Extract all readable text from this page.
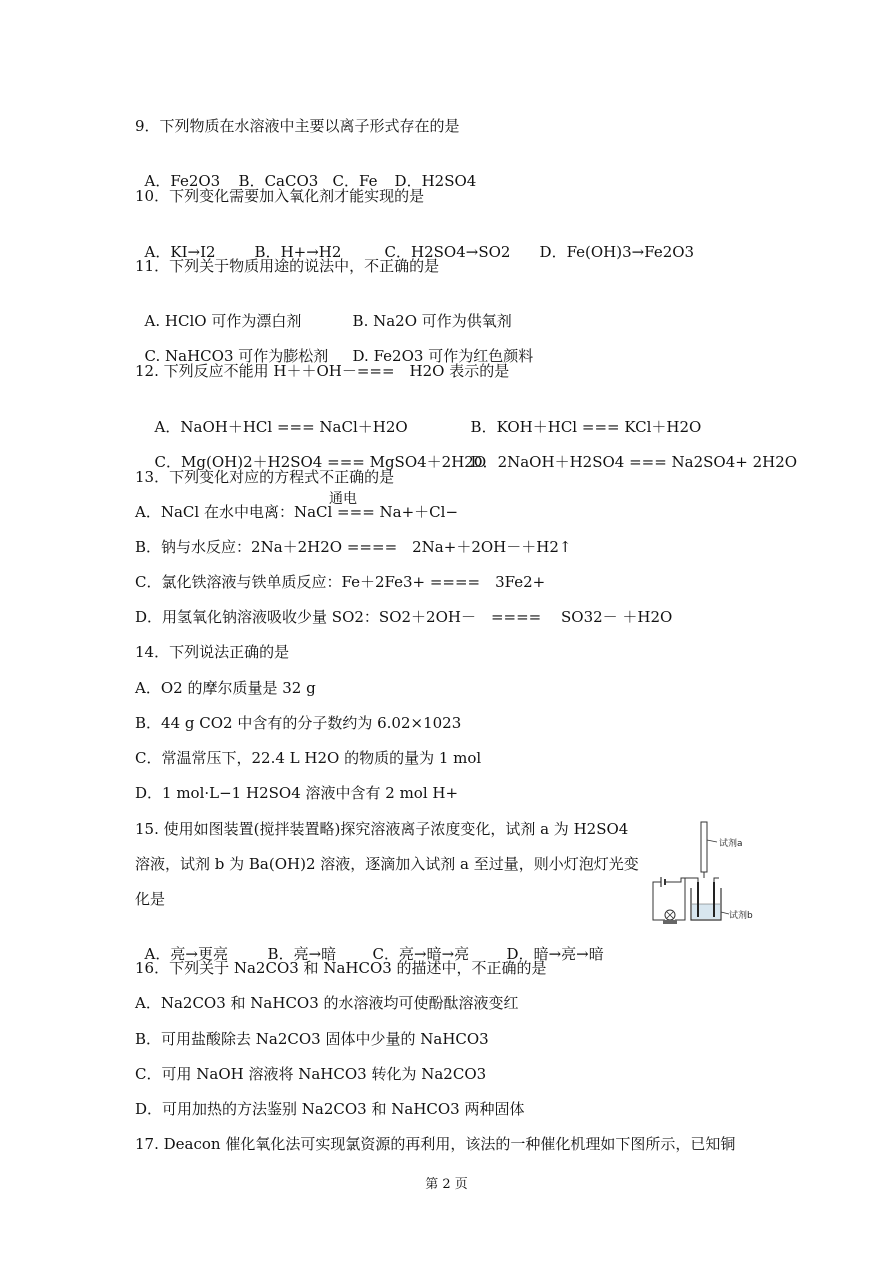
9．下列物质在水溶液中主要以离子形式存在的是

A．Fe2O3 B．CaCO3 C．Fe D．H2SO4

10．下列变化需要加入氧化剂才能实现的是

A．KI→I2	B．H+→H2	C．H2SO4→SO2 D．Fe(OH)3→Fe2O3

11．下列关于物质用途的说法中，不正确的是

A. HClO 可作为漂白剂	B. Na2O 可作为供氧剂

C. NaHCO3 可作为膨松剂 D. Fe2O3 可作为红色颜料

12. 下列反应不能用 H＋＋OH－===　H2O 表示的是

A．NaOH＋HCl === NaCl＋H2O	B．KOH＋HCl === KCl＋H2O

C．Mg(OH)2＋H2SO4 === MgSO4＋2H2OD．2NaOH＋H2SO4 === Na2SO4+ 2H2O

13．下列变化对应的方程式不正确的是
通电
A．NaCl 在水中电离：NaCl === Na+＋Cl−
B．钠与水反应：2Na＋2H2O ====　2Na+＋2OH－＋H2↑
C．氯化铁溶液与铁单质反应：Fe＋2Fe3+ ====　3Fe2+
D．用氢氧化钠溶液吸收少量 SO2：SO2＋2OH－　====　 SO32－ ＋H2O
14．下列说法正确的是
A．O2 的摩尔质量是 32 g
B．44 g CO2 中含有的分子数约为 6.02×1023
C．常温常压下，22.4 L H2O 的物质的量为 1 mol
D．1 mol·L−1 H2SO4 溶液中含有 2 mol H+
15. 使用如图装置(搅拌装置略)探究溶液离子浓度变化，试剂 a 为 H2SO4
溶液，试剂 b 为 Ba(OH)2 溶液，逐滴加入试剂 a 至过量，则小灯泡灯光变
化是

A．亮→更亮	B．亮→暗 C．亮→暗→亮 D．暗→亮→暗

试剂a
试剂b
16．下列关于 Na2CO3 和 NaHCO3 的描述中，不正确的是
A．Na2CO3 和 NaHCO3 的水溶液均可使酚酞溶液变红
B．可用盐酸除去 Na2CO3 固体中少量的 NaHCO3
C．可用 NaOH 溶液将 NaHCO3 转化为 Na2CO3
D．可用加热的方法鉴别 Na2CO3 和 NaHCO3 两种固体
17. Deacon 催化氧化法可实现氯资源的再利用，该法的一种催化机理如下图所示，已知铜
第 2 页
